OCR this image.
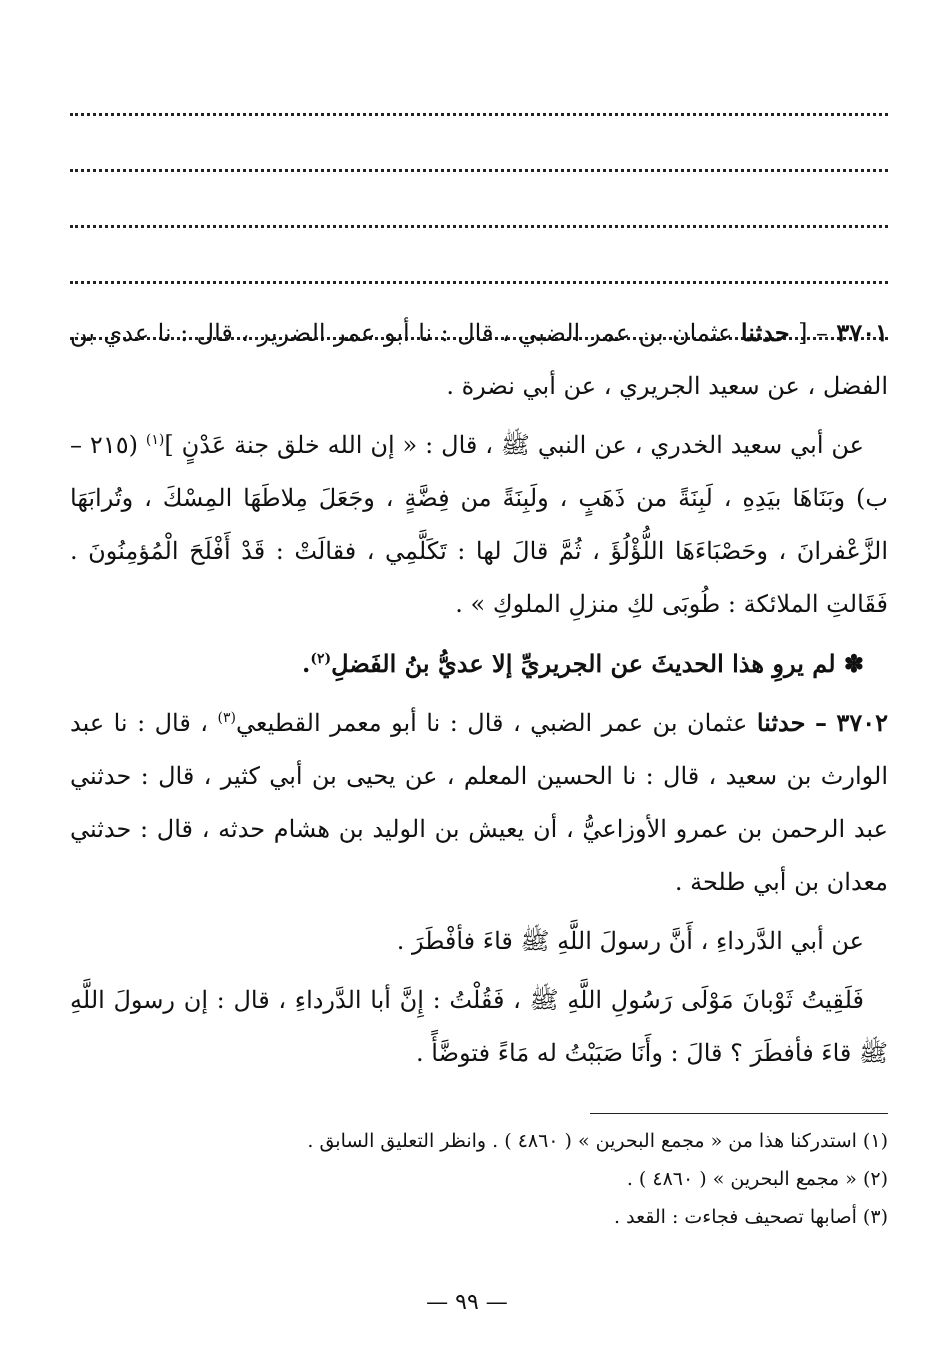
٣٧٠١ – [ حدثنا عثمان بن عمر الضبي ، قال : نا أبو عمر الضرير ، قال : نا عدي بن الفضل ، عن سعيد الجريري ، عن أبي نضرة .

عن أبي سعيد الخدري ، عن النبي ﷺ ، قال : « إن الله خلق جنة عَدْنٍ ]$^{(١)}$ (٢١٥ – ب) وبَنَاهَا بيَدِهِ ، لَبِنَةً من ذَهَبٍ ، ولَبِنَةً من فِضَّةٍ ، وجَعَلَ مِلاطَهَا المِسْكَ ، وتُرابَهَا الزَّعْفرانَ ، وحَصْبَاءَهَا اللُّؤْلُؤَ ، ثُمَّ قالَ لها : تَكَلَّمِي ، فقالَتْ : قَدْ أَفْلَحَ الْمُؤمِنُونَ . فَقَالتِ الملائكة : طُوبَى لكِ منزلِ الملوكِ » .

✽ لم يروِ هذا الحديثَ عن الجريريِّ إلا عديُّ بنُ الفَضلِ$^{(٢)}$.

٣٧٠٢ – حدثنا عثمان بن عمر الضبي ، قال : نا أبو معمر القطيعي$^{(٣)}$ ، قال : نا عبد الوارث بن سعيد ، قال : نا الحسين المعلم ، عن يحيى بن أبي كثير ، قال : حدثني عبد الرحمن بن عمرو الأوزاعيُّ ، أن يعيش بن الوليد بن هشام حدثه ، قال : حدثني معدان بن أبي طلحة .

عن أبي الدَّرداءِ ، أَنَّ رسولَ اللَّهِ ﷺ قاءَ فأفْطَرَ .

فَلَقِيتُ ثَوْبانَ مَوْلَى رَسُولِ اللَّهِ ﷺ ، فَقُلْتُ : إِنَّ أبا الدَّرداءِ ، قال : إن رسولَ اللَّهِ ﷺ قاءَ فأفطَرَ ؟ قالَ : وأَنَا صَبَبْتُ له مَاءً فتوضَّأً .

(١) استدركنا هذا من « مجمع البحرين » ( ٤٨٦٠ ) . وانظر التعليق السابق .
(٢) « مجمع البحرين » ( ٤٨٦٠ ) .
(٣) أصابها تصحيف فجاءت : القعد .
— ٩٩ —
